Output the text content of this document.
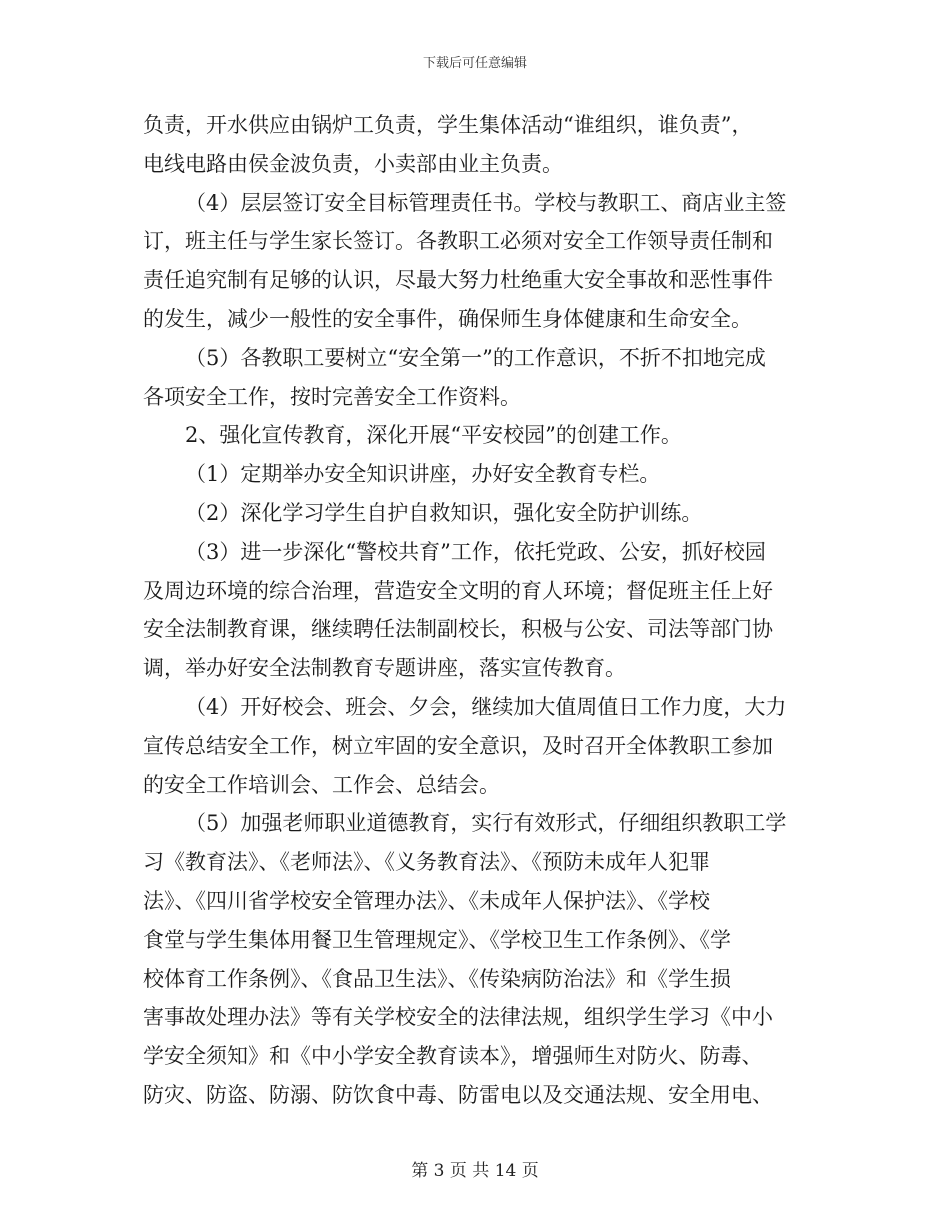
下载后可任意编辑

负责，开水供应由锅炉工负责，学生集体活动“谁组织，谁负责”，

电线电路由侯金波负责，小卖部由业主负责。

（4）层层签订安全目标管理责任书。学校与教职工、商店业主签

订，班主任与学生家长签订。各教职工必须对安全工作领导责任制和

责任追究制有足够的认识，尽最大努力杜绝重大安全事故和恶性事件

的发生，减少一般性的安全事件，确保师生身体健康和生命安全。

（5）各教职工要树立“安全第一”的工作意识，不折不扣地完成

各项安全工作，按时完善安全工作资料。

2、强化宣传教育，深化开展“平安校园”的创建工作。

（1）定期举办安全知识讲座，办好安全教育专栏。

（2）深化学习学生自护自救知识，强化安全防护训练。

（3）进一步深化“警校共育”工作，依托党政、公安，抓好校园

及周边环境的综合治理，营造安全文明的育人环境；督促班主任上好

安全法制教育课，继续聘任法制副校长，积极与公安、司法等部门协

调，举办好安全法制教育专题讲座，落实宣传教育。

（4）开好校会、班会、夕会，继续加大值周值日工作力度，大力

宣传总结安全工作，树立牢固的安全意识，及时召开全体教职工参加

的安全工作培训会、工作会、总结会。

（5）加强老师职业道德教育，实行有效形式，仔细组织教职工学

习《教育法》、《老师法》、《义务教育法》、《预防未成年人犯罪

法》、《四川省学校安全管理办法》、《未成年人保护法》、《学校

食堂与学生集体用餐卫生管理规定》、《学校卫生工作条例》、《学

校体育工作条例》、《食品卫生法》、《传染病防治法》和《学生损

害事故处理办法》等有关学校安全的法律法规，组织学生学习《中小

学安全须知》和《中小学安全教育读本》，增强师生对防火、防毒、

防灾、防盗、防溺、防饮食中毒、防雷电以及交通法规、安全用电、

第 3 页 共 14 页
